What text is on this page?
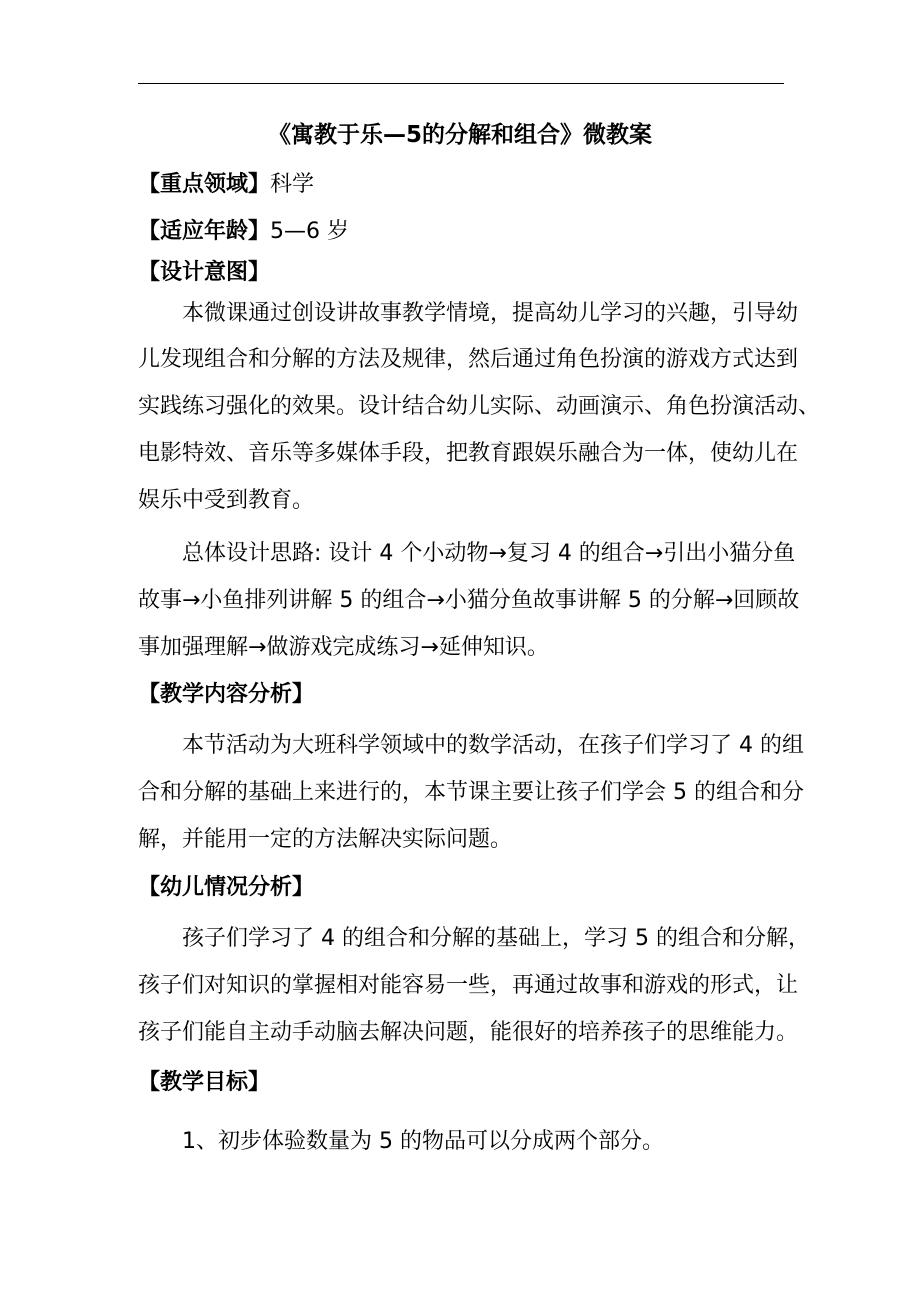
《寓教于乐—5的分解和组合》微教案
【重点领域】科学
【适应年龄】5—6 岁
【设计意图】
本微课通过创设讲故事教学情境，提高幼儿学习的兴趣，引导幼
儿发现组合和分解的方法及规律，然后通过角色扮演的游戏方式达到
实践练习强化的效果。设计结合幼儿实际、动画演示、角色扮演活动、
电影特效、音乐等多媒体手段，把教育跟娱乐融合为一体，使幼儿在
娱乐中受到教育。
总体设计思路: 设计 4 个小动物→复习 4 的组合→引出小猫分鱼
故事→小鱼排列讲解 5 的组合→小猫分鱼故事讲解 5 的分解→回顾故
事加强理解→做游戏完成练习→延伸知识。
【教学内容分析】
本节活动为大班科学领域中的数学活动，在孩子们学习了 4 的组
合和分解的基础上来进行的，本节课主要让孩子们学会 5 的组合和分
解，并能用一定的方法解决实际问题。
【幼儿情况分析】
孩子们学习了 4 的组合和分解的基础上，学习 5 的组合和分解，
孩子们对知识的掌握相对能容易一些，再通过故事和游戏的形式，让
孩子们能自主动手动脑去解决问题，能很好的培养孩子的思维能力。
【教学目标】
1、初步体验数量为 5 的物品可以分成两个部分。
